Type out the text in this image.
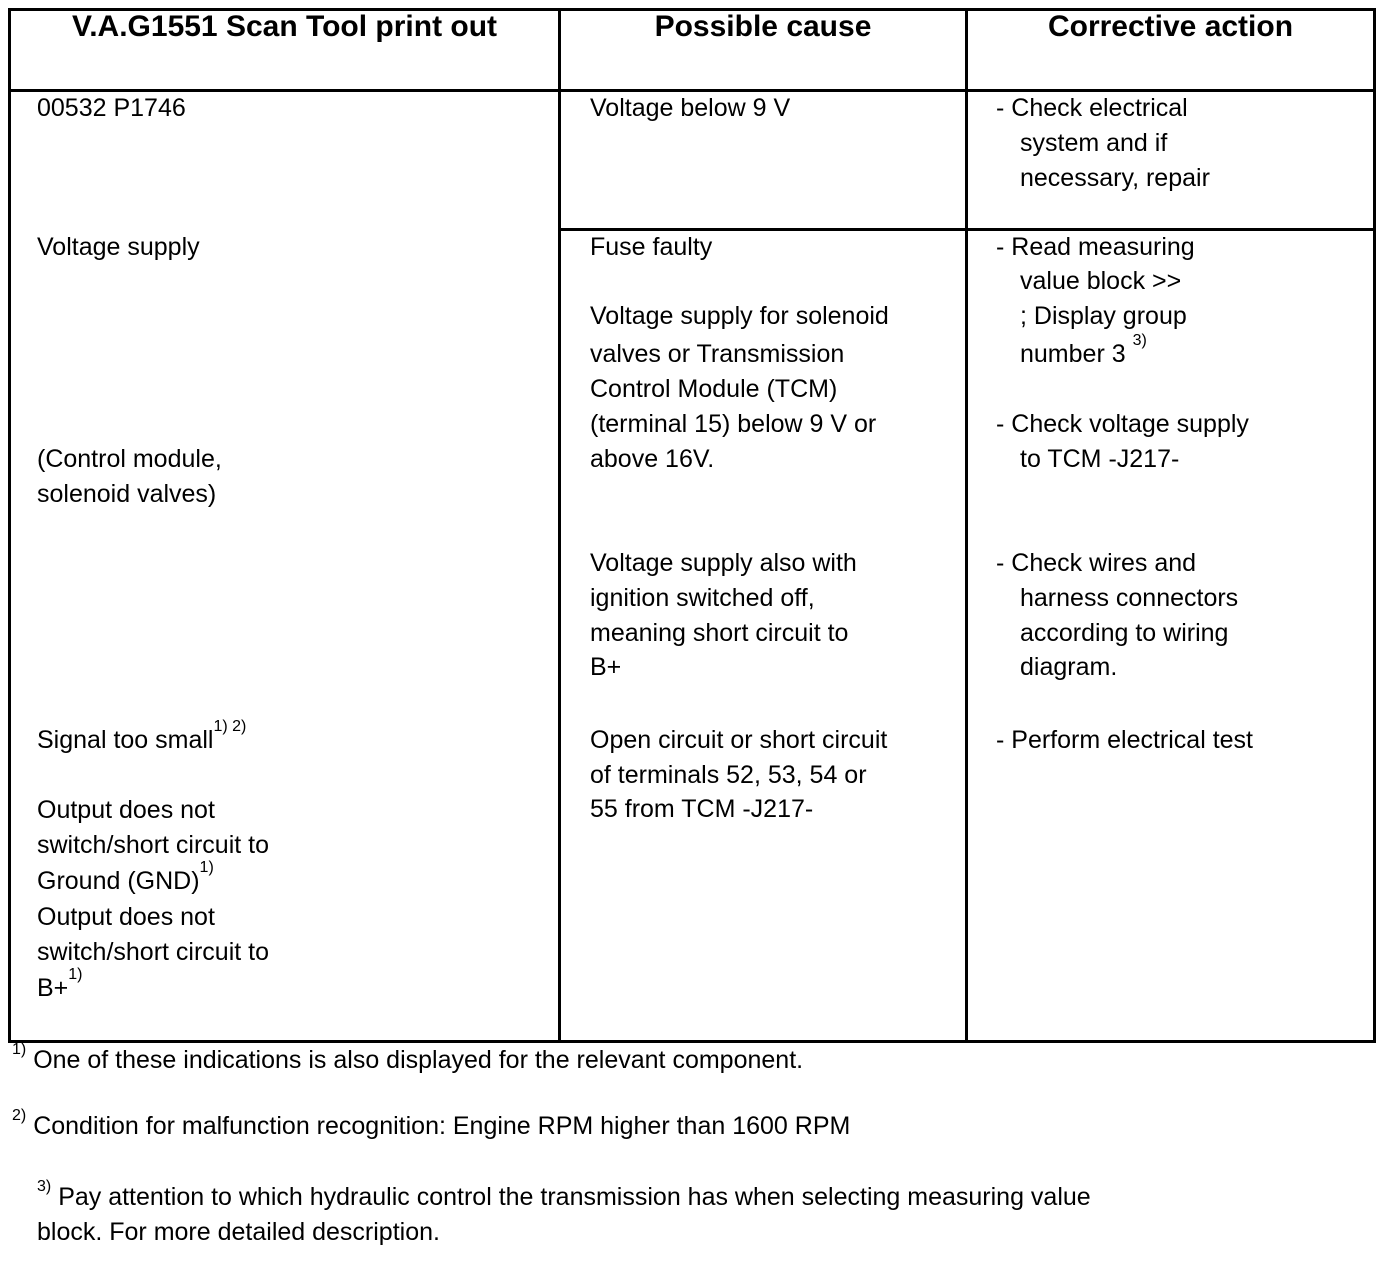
V.A.G1551 Scan Tool print out	Possible cause	Corrective action
00532 P1746
Voltage supply
(Control module,
solenoid valves)
Signal too small$^{1) 2)}$
Output does not
switch/short circuit to
Ground (GND)$^{1)}$
Output does not
switch/short circuit to
B+$^{1)}$
Voltage below 9 V
Fuse faulty
Voltage supply for solenoid
valves or Transmission
Control Module (TCM)
(terminal 15) below 9 V or
above 16V.
Voltage supply also with
ignition switched off,
meaning short circuit to
B+
Open circuit or short circuit
of terminals 52, 53, 54 or
55 from TCM -J217-
- Check electrical
system and if
necessary, repair
- Read measuring
value block >>
; Display group
number 3 $^{3)}$
- Check voltage supply
to TCM -J217-
- Check wires and
harness connectors
according to wiring
diagram.
- Perform electrical test
$^{1)}$ One of these indications is also displayed for the relevant component.
$^{2)}$ Condition for malfunction recognition: Engine RPM higher than 1600 RPM
$^{3)}$ Pay attention to which hydraulic control the transmission has when selecting measuring value
block. For more detailed description.
